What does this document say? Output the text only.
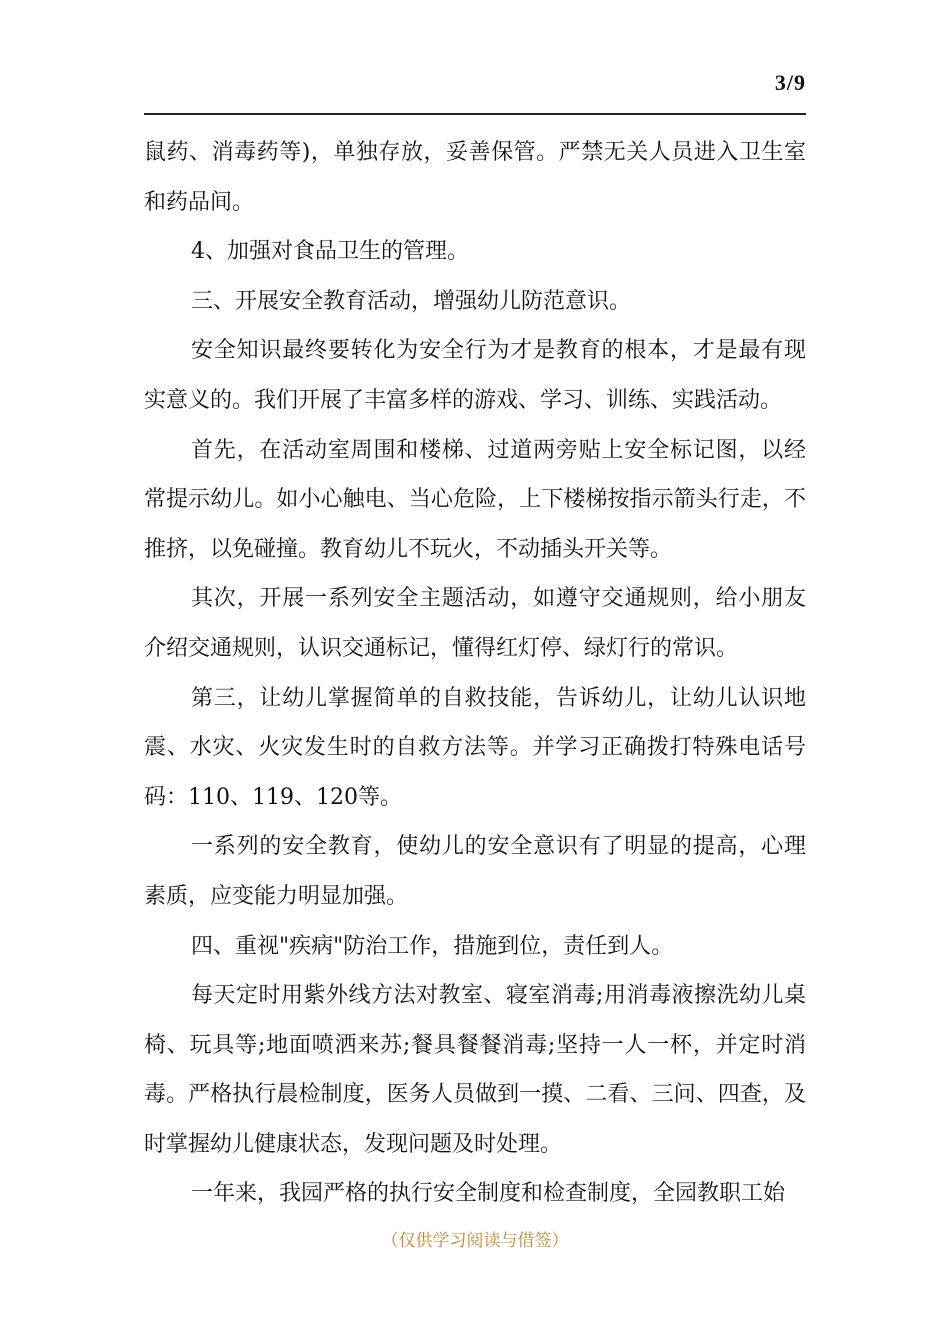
3/9

鼠药、消毒药等)，单独存放，妥善保管。严禁无关人员进入卫生室和药品间。

4、加强对食品卫生的管理。

三、开展安全教育活动，增强幼儿防范意识。

安全知识最终要转化为安全行为才是教育的根本，才是最有现实意义的。我们开展了丰富多样的游戏、学习、训练、实践活动。

首先，在活动室周围和楼梯、过道两旁贴上安全标记图，以经常提示幼儿。如小心触电、当心危险，上下楼梯按指示箭头行走，不推挤，以免碰撞。教育幼儿不玩火，不动插头开关等。

其次，开展一系列安全主题活动，如遵守交通规则，给小朋友介绍交通规则，认识交通标记，懂得红灯停、绿灯行的常识。

第三，让幼儿掌握简单的自救技能，告诉幼儿，让幼儿认识地震、水灾、火灾发生时的自救方法等。并学习正确拨打特殊电话号码：110、119、120等。

一系列的安全教育，使幼儿的安全意识有了明显的提高，心理素质，应变能力明显加强。

四、重视"疾病"防治工作，措施到位，责任到人。

每天定时用紫外线方法对教室、寝室消毒;用消毒液擦洗幼儿桌椅、玩具等;地面喷洒来苏;餐具餐餐消毒;坚持一人一杯，并定时消毒。严格执行晨检制度，医务人员做到一摸、二看、三问、四查，及时掌握幼儿健康状态，发现问题及时处理。

一年来，我园严格的执行安全制度和检查制度，全园教职工始

（仅供学习阅读与借签）
